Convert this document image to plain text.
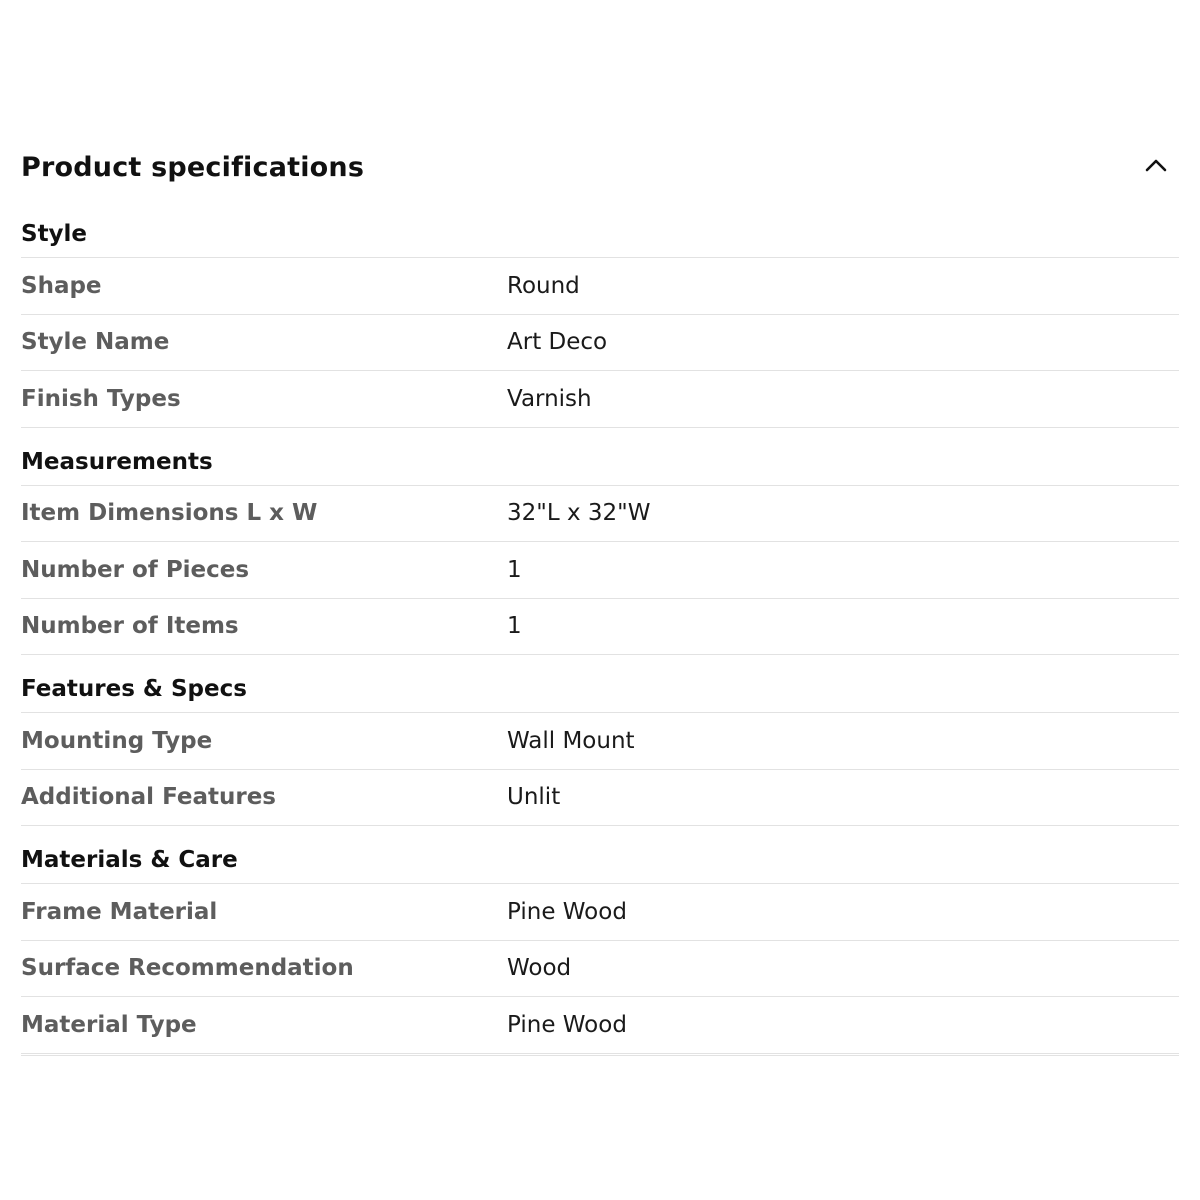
Product specifications
Style
Shape	Round
Style Name	Art Deco
Finish Types	Varnish
Measurements
Item Dimensions L x W	32"L x 32"W
Number of Pieces	1
Number of Items	1
Features & Specs
Mounting Type	Wall Mount
Additional Features	Unlit
Materials & Care
Frame Material	Pine Wood
Surface Recommendation	Wood
Material Type	Pine Wood
